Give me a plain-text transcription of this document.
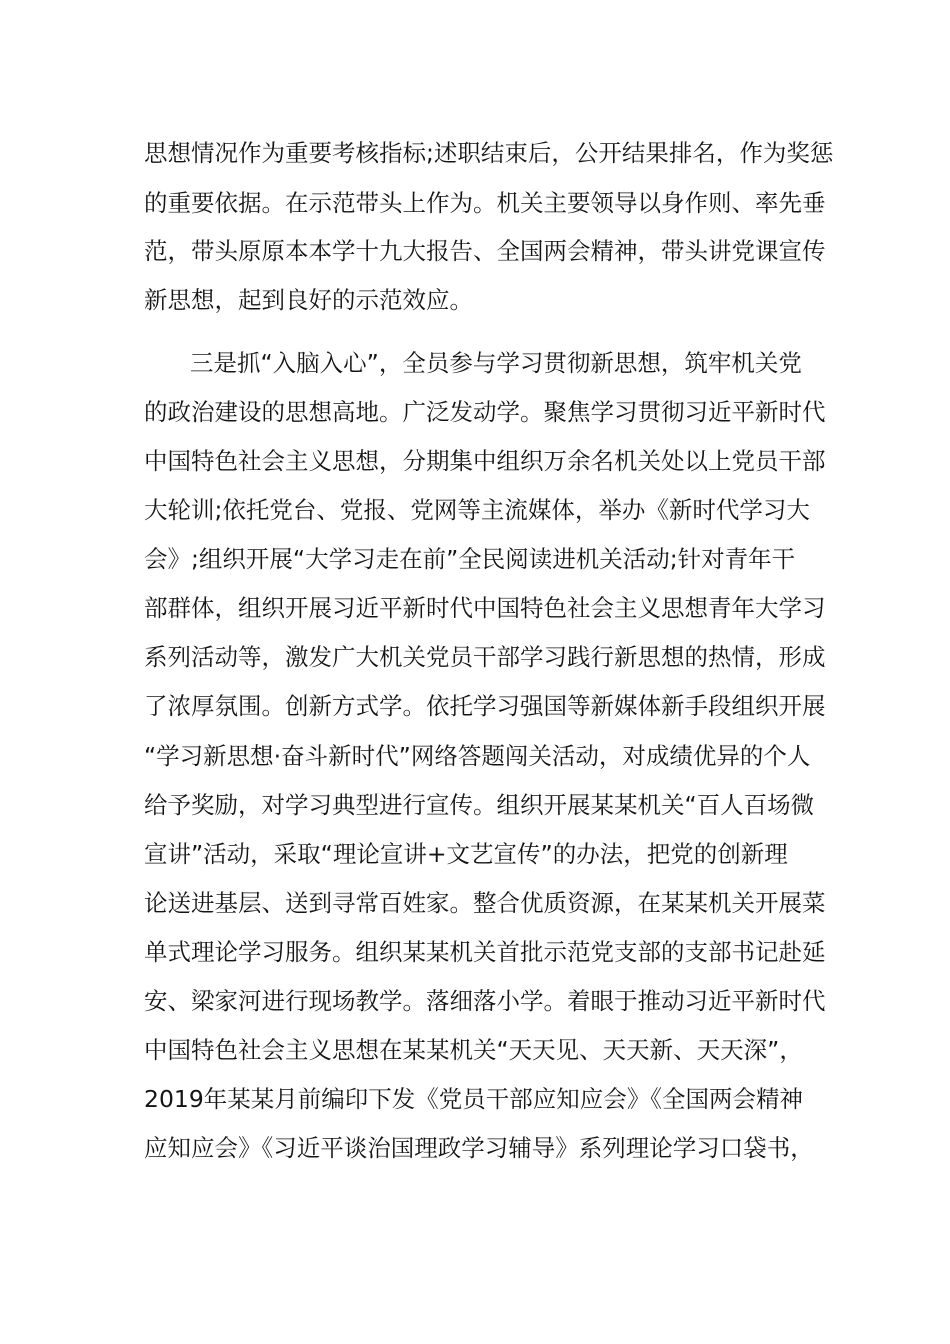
思想情况作为重要考核指标;述职结束后，公开结果排名，作为奖惩
的重要依据。在示范带头上作为。机关主要领导以身作则、率先垂
范，带头原原本本学十九大报告、全国两会精神，带头讲党课宣传
新思想，起到良好的示范效应。
三是抓“入脑入心”，全员参与学习贯彻新思想，筑牢机关党
的政治建设的思想高地。广泛发动学。聚焦学习贯彻习近平新时代
中国特色社会主义思想，分期集中组织万余名机关处以上党员干部
大轮训;依托党台、党报、党网等主流媒体，举办《新时代学习大
会》;组织开展“大学习走在前”全民阅读进机关活动;针对青年干
部群体，组织开展习近平新时代中国特色社会主义思想青年大学习
系列活动等，激发广大机关党员干部学习践行新思想的热情，形成
了浓厚氛围。创新方式学。依托学习强国等新媒体新手段组织开展
“学习新思想·奋斗新时代”网络答题闯关活动，对成绩优异的个人
给予奖励，对学习典型进行宣传。组织开展某某机关“百人百场微
宣讲”活动，采取“理论宣讲+文艺宣传”的办法，把党的创新理
论送进基层、送到寻常百姓家。整合优质资源，在某某机关开展菜
单式理论学习服务。组织某某机关首批示范党支部的支部书记赴延
安、梁家河进行现场教学。落细落小学。着眼于推动习近平新时代
中国特色社会主义思想在某某机关“天天见、天天新、天天深”，
2019年某某月前编印下发《党员干部应知应会》《全国两会精神
应知应会》《习近平谈治国理政学习辅导》系列理论学习口袋书，
